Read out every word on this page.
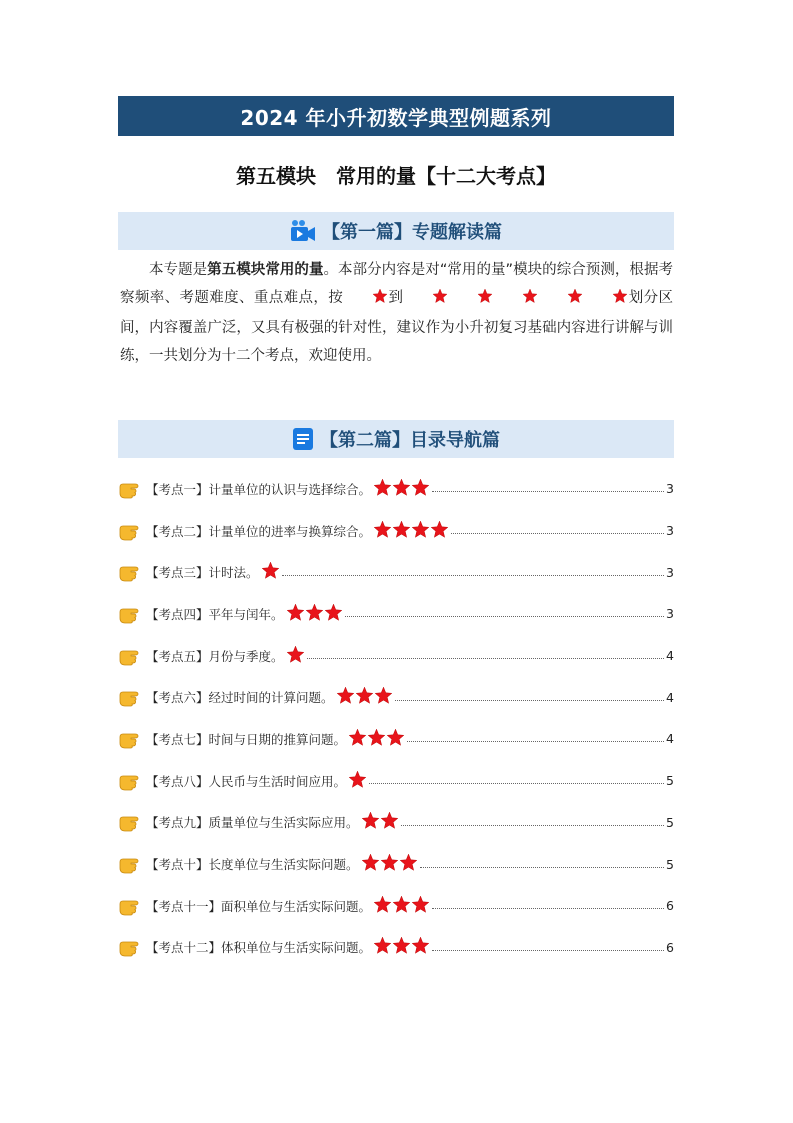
2024 年小升初数学典型例题系列
第五模块　常用的量【十二大考点】
【第一篇】专题解读篇

本专题是第五模块常用的量。本部分内容是对“常用的量”模块的综合预测，根据考察频率、考题难度、重点难点，按	到	划分区间，内容覆盖广泛，又具有极强的针对性，建议作为小升初复习基础内容进行讲解与训练，一共划分为十二个考点，欢迎使用。

【第二篇】目录导航篇
【考点一】计量单位的认识与选择综合。	3
【考点二】计量单位的进率与换算综合。	3
【考点三】计时法。	3
【考点四】平年与闰年。	3
【考点五】月份与季度。	4
【考点六】经过时间的计算问题。	4
【考点七】时间与日期的推算问题。	4
【考点八】人民币与生活时间应用。	5
【考点九】质量单位与生活实际应用。	5
【考点十】长度单位与生活实际问题。	5
【考点十一】面积单位与生活实际问题。	6
【考点十二】体积单位与生活实际问题。	6
